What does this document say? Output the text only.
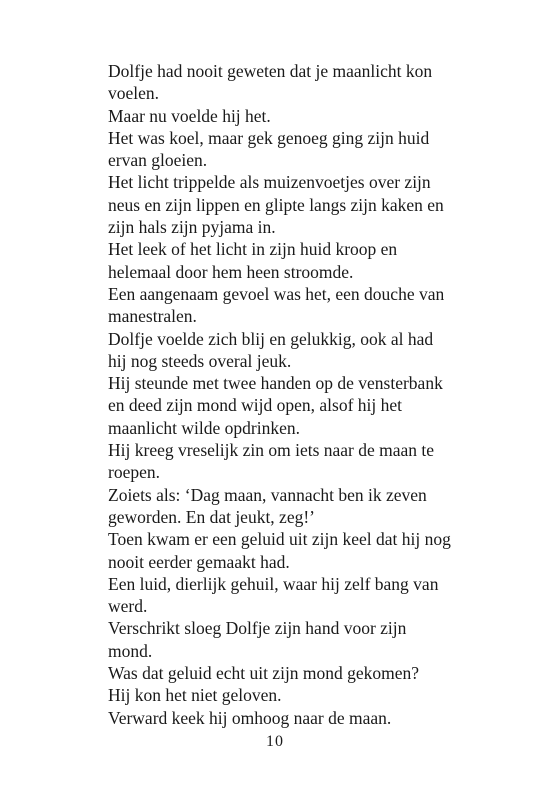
Dolfje had nooit geweten dat je maanlicht kon
voelen.
Maar nu voelde hij het.
Het was koel, maar gek genoeg ging zijn huid
ervan gloeien.
Het licht trippelde als muizenvoetjes over zijn
neus en zijn lippen en glipte langs zijn kaken en
zijn hals zijn pyjama in.
Het leek of het licht in zijn huid kroop en
helemaal door hem heen stroomde.
Een aangenaam gevoel was het, een douche van
manestralen.
Dolfje voelde zich blij en gelukkig, ook al had
hij nog steeds overal jeuk.
Hij steunde met twee handen op de vensterbank
en deed zijn mond wijd open, alsof hij het
maanlicht wilde opdrinken.
Hij kreeg vreselijk zin om iets naar de maan te
roepen.
Zoiets als: ‘Dag maan, vannacht ben ik zeven
geworden. En dat jeukt, zeg!’
Toen kwam er een geluid uit zijn keel dat hij nog
nooit eerder gemaakt had.
Een luid, dierlijk gehuil, waar hij zelf bang van
werd.
Verschrikt sloeg Dolfje zijn hand voor zijn
mond.
Was dat geluid echt uit zijn mond gekomen?
Hij kon het niet geloven.
Verward keek hij omhoog naar de maan.
10
